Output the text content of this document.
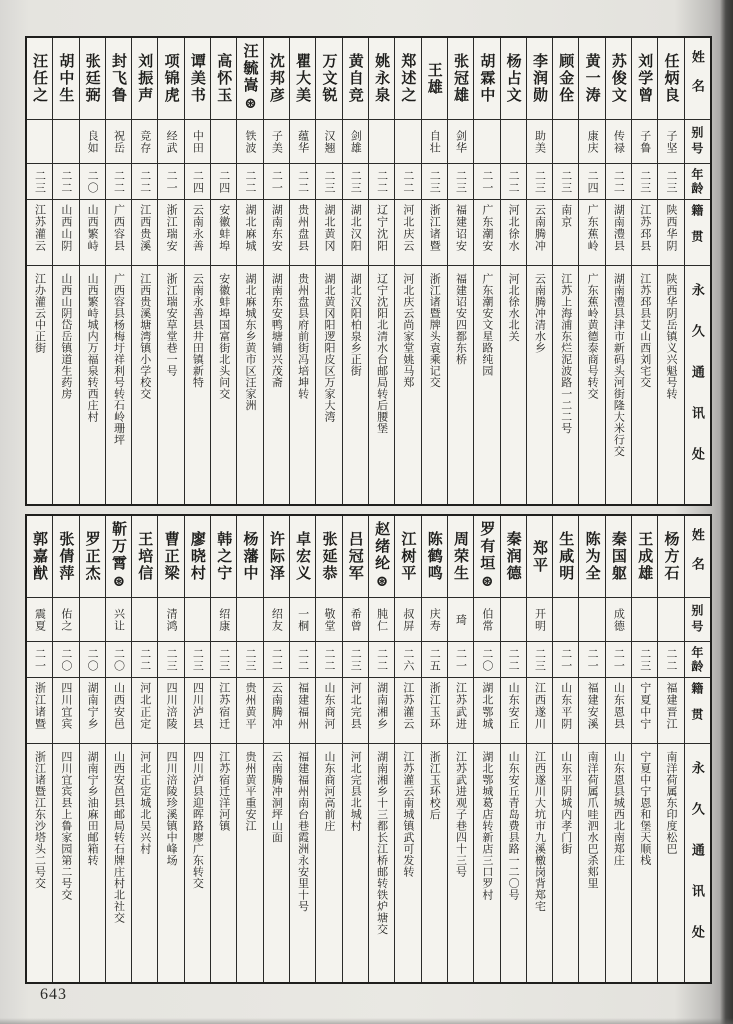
姓名
别号
年龄
籍贯
永久通讯处
任炳良
子坚
二三
陕西华阴
陕西华阴岳镇义兴魁号转
刘学曾
子鲁
二三
江苏邳县
江苏邳县艾山西刘宅交
苏俊文
传禄
二二
湖南澧县
湖南澧县津市新码头河街隆大米行交
黄一涛
康庆
二四
广东蕉岭
广东蕉岭黄德泰商号转交
顾金佺
二三
南京
江苏上海浦东烂泥波路一二二号
李润勋
助美
二三
云南腾冲
云南腾冲清水乡
杨占文
二二
河北徐水
河北徐水北关
胡霖中
二一
广东潮安
广东潮安文星路纯园
张冠雄
剑华
二三
福建诏安
福建诏安四都东桥
王雄
自壮
二三
浙江诸暨
浙江诸暨牌头袁乘记交
郑述之
二二
河北庆云
河北庆云尚家堂姚马郑
姚永泉
二二
辽宁沈阳
辽宁沈阳北清水台邮局转后腰堡
黄自竞
剑雄
二三
湖北汉阳
湖北汉阳柏泉乡正街
万文锐
汉翘
二三
湖北黄冈
湖北黄冈阳逻阳皮区万家大湾
瞿大美
蕴华
二二
贵州盘县
贵州盘县府前街冯培坤转
沈邦彦
子美
二一
湖南东安
湖南东安鸭塘铺兴茂斋
汪毓嵩⊛
铁波
二二
湖北麻城
湖北麻城东乡黄市区汪家洲
高怀玉
二四
安徽蚌埠
安徽蚌埠国富街北头问交
谭美书
中田
二四
云南永善
云南永善县井田镇新特
项锦虎
经武
二一
浙江瑞安
浙江瑞安草堂巷一号
刘振声
竞存
二二
江西贵溪
江西贵溪塘湾镇小学校交
封飞鲁
祝岳
二二
广西容县
广西容县杨梅圩祥利号转石岭珊坪
张廷弼
良如
二〇
山西繁峙
山西繁峙城内万福泉转西庄村
胡中生
二二
山西山阴
山西山阴岱岳镇道生药房
汪任之
二三
江苏灌云
江办灌云中正街
姓名
别号
年龄
籍贯
永久通讯处
杨方石
二二
福建晋江
南洋荷属东印度松巴
王成雄
二三
宁夏中宁
宁夏中宁恩和堡天顺栈
秦国躯
成德
二一
山东恩县
山东恩县城西北南郑庄
陈为全
二一
福建安溪
南洋荷属爪哇泗水巴杀郏里
生咸明
二一
山东平阴
山东平阴城内孝门街
郑平
开明
二三
江西遂川
江西遂川大坑市九溪檄岗背郑宅
秦润德
二二
山东安丘
山东安丘青岛费县路一二〇号
罗有垣⊛
伯常
二〇
湖北鄂城
湖北鄂城葛店转新店三口罗村
周荣生
琦
二一
江苏武进
江苏武进观子巷四十三号
陈鹤鸣
庆寿
二五
浙江玉环
浙江玉环校后
江树平
叔屏
二六
江苏灌云
江苏灌云南城镇武可发转
赵绪纶⊛
肫仁
二二
湖南湘乡
湖南湘乡十三都长江桥邮转铁炉塘交
吕冠军
希曾
二三
河北完县
河北完县北城村
张延恭
敬堂
二二
山东商河
山东商河高前庄
卓宏义
一桐
二二
福建福州
福建福州南台巷霞洲永安里十号
许际泽
绍友
二二
云南腾冲
云南腾冲洞坪山面
杨藩中
二三
贵州黄平
贵州黄平重安江
韩之宁
绍康
二三
江苏宿迁
江苏宿迁洋河镇
廖晓村
二三
四川泸县
四川泸县迎晖路廖广东转交
曹正梁
清鸿
二三
四川涪陵
四川涪陵珍溪镇中峰场
王培信
二二
河北正定
河北正定城北吴兴村
靳万霄⊛
兴让
二〇
山西安邑
山西安邑县邮局转石牌庄村北社交
罗正杰
二〇
湖南宁乡
湖南宁乡油麻田邮箱转
张倩萍
佑之
二〇
四川宜宾
四川宜宾县上鲁家园第二号交
郭嘉猷
震夏
二一
浙江诸暨
浙江诸暨江东沙塔头二号交
643
